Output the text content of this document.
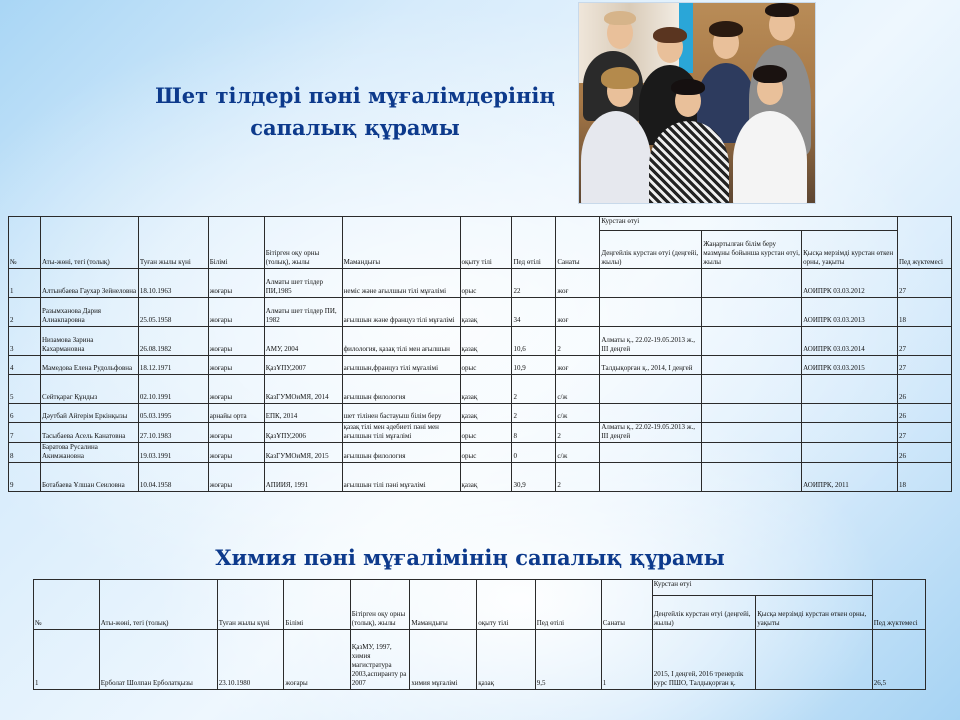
Шет тілдері пәні мұғалімдерінің сапалық құрамы
№	Аты-жөні, тегі (толық)	Туған жылы күні	Білімі	Бітірген оқу орны (толық), жылы	Мамандығы	оқыту тілі	Пед өтілі	Санаты	Курстан өтуі			Пед жүктемесі
									Деңгейлік курстан өтуі (деңгейі, жылы)	Жаңартылған білім беру мазмұны бойынша курстан өтуі, жылы	Қысқа мерзімді курстан өткен орны, уақыты	
1	Алтынбаева Гаухар Зейнеловна	18.10.1963	жоғары	Алматы шет тілдер ПИ,1985	неміс және ағылшын тілі мұғалімі	орыс	22	жоғ			АОИПРК 03.03.2012	27
2	Разымханова Дария Алиакпаровна	25.05.1958	жоғары	Алматы шет тілдер ПИ, 1982	ағылшын және француз тілі мұғалімі	қазақ	34	жоғ			АОИПРК 03.03.2013	18
3	Низамова Зарина Кахармановна	26.08.1982	жоғары	АМУ, 2004	филология, қазақ тілі мен ағылшын	қазақ	10,6	2	Алматы қ., 22.02-19.05.2013 ж., III деңгей		АОИПРК 03.03.2014	27
4	Мамедова Елена Рудольфовна	18.12.1971	жоғары	ҚазҰПУ,2007	ағылшын,француз тілі мұғалімі	орыс	10,9	жоғ	Талдықорған қ., 2014, I деңгей		АОИПРК 03.03.2015	27
5	Сейтқараг Құндыз	02.10.1991	жоғары	КазГУМОиМЯ, 2014	ағылшын филология	қазақ	2	с/ж				26
6	Дәутбай Айгерім Еркінқызы	05.03.1995	арнайы орта	ЕПК, 2014	шет тілінен бастауыш білім беру	қазақ	2	с/ж				26
7	Тасыбаева Асель Канатовна	27.10.1983	жоғары	ҚазҰПУ,2006	қазақ тілі мен әдебиеті пәні мен ағылшын тілі мұғалімі	орыс	8	2	Алматы қ., 22.02-19.05.2013 ж., III деңгей			27
8	Баратова Русалина Акимжановна	19.03.1991	жоғары	КазГУМОиМЯ, 2015	ағылшын филология	орыс	0	с/ж				26
9	Ботабаева Ұлшан Сеиловна	10.04.1958	жоғары	АПИИЯ, 1991	ағылшын тілі пәні мұғалімі	қазақ	30,9	2			АОИПРК, 2011	18
Химия пәні мұғалімінің сапалық құрамы
№	Аты-жөні, тегі (толық)	Туған жылы күні	Білімі	Бітірген оқу орны (толық), жылы	Мамандығы	оқыту тілі	Пед өтілі	Санаты	Курстан өтуі		Пед жүктемесі
									Деңгейлік курстан өтуі (деңгейі, жылы)	Қысқа мерзімді курстан өткен орны, уақыты	
1	Ерболат Шолпан Ерболатқызы	23.10.1980	жоғары	ҚазМУ, 1997, химия магистратура 2003,аспиранту ра 2007	химия мұғалімі	қазақ	9,5	1	2015, I деңгей, 2016 тренерлік курс ПШО, Талдықорған қ.		26,5
